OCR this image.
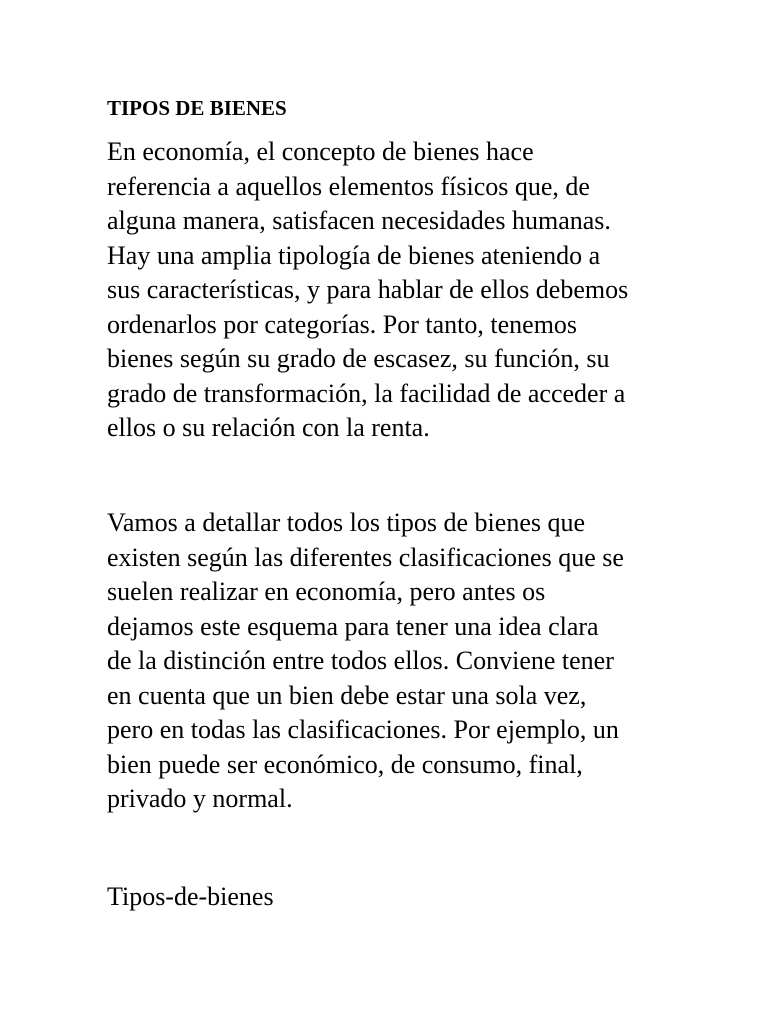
TIPOS DE BIENES
En economía, el concepto de bienes hace
referencia a aquellos elementos físicos que, de
alguna manera, satisfacen necesidades humanas.
Hay una amplia tipología de bienes ateniendo a
sus características, y para hablar de ellos debemos
ordenarlos por categorías. Por tanto, tenemos
bienes según su grado de escasez, su función, su
grado de transformación, la facilidad de acceder a
ellos o su relación con la renta.
Vamos a detallar todos los tipos de bienes que
existen según las diferentes clasificaciones que se
suelen realizar en economía, pero antes os
dejamos este esquema para tener una idea clara
de la distinción entre todos ellos. Conviene tener
en cuenta que un bien debe estar una sola vez,
pero en todas las clasificaciones. Por ejemplo, un
bien puede ser económico, de consumo, final,
privado y normal.
Tipos-de-bienes
